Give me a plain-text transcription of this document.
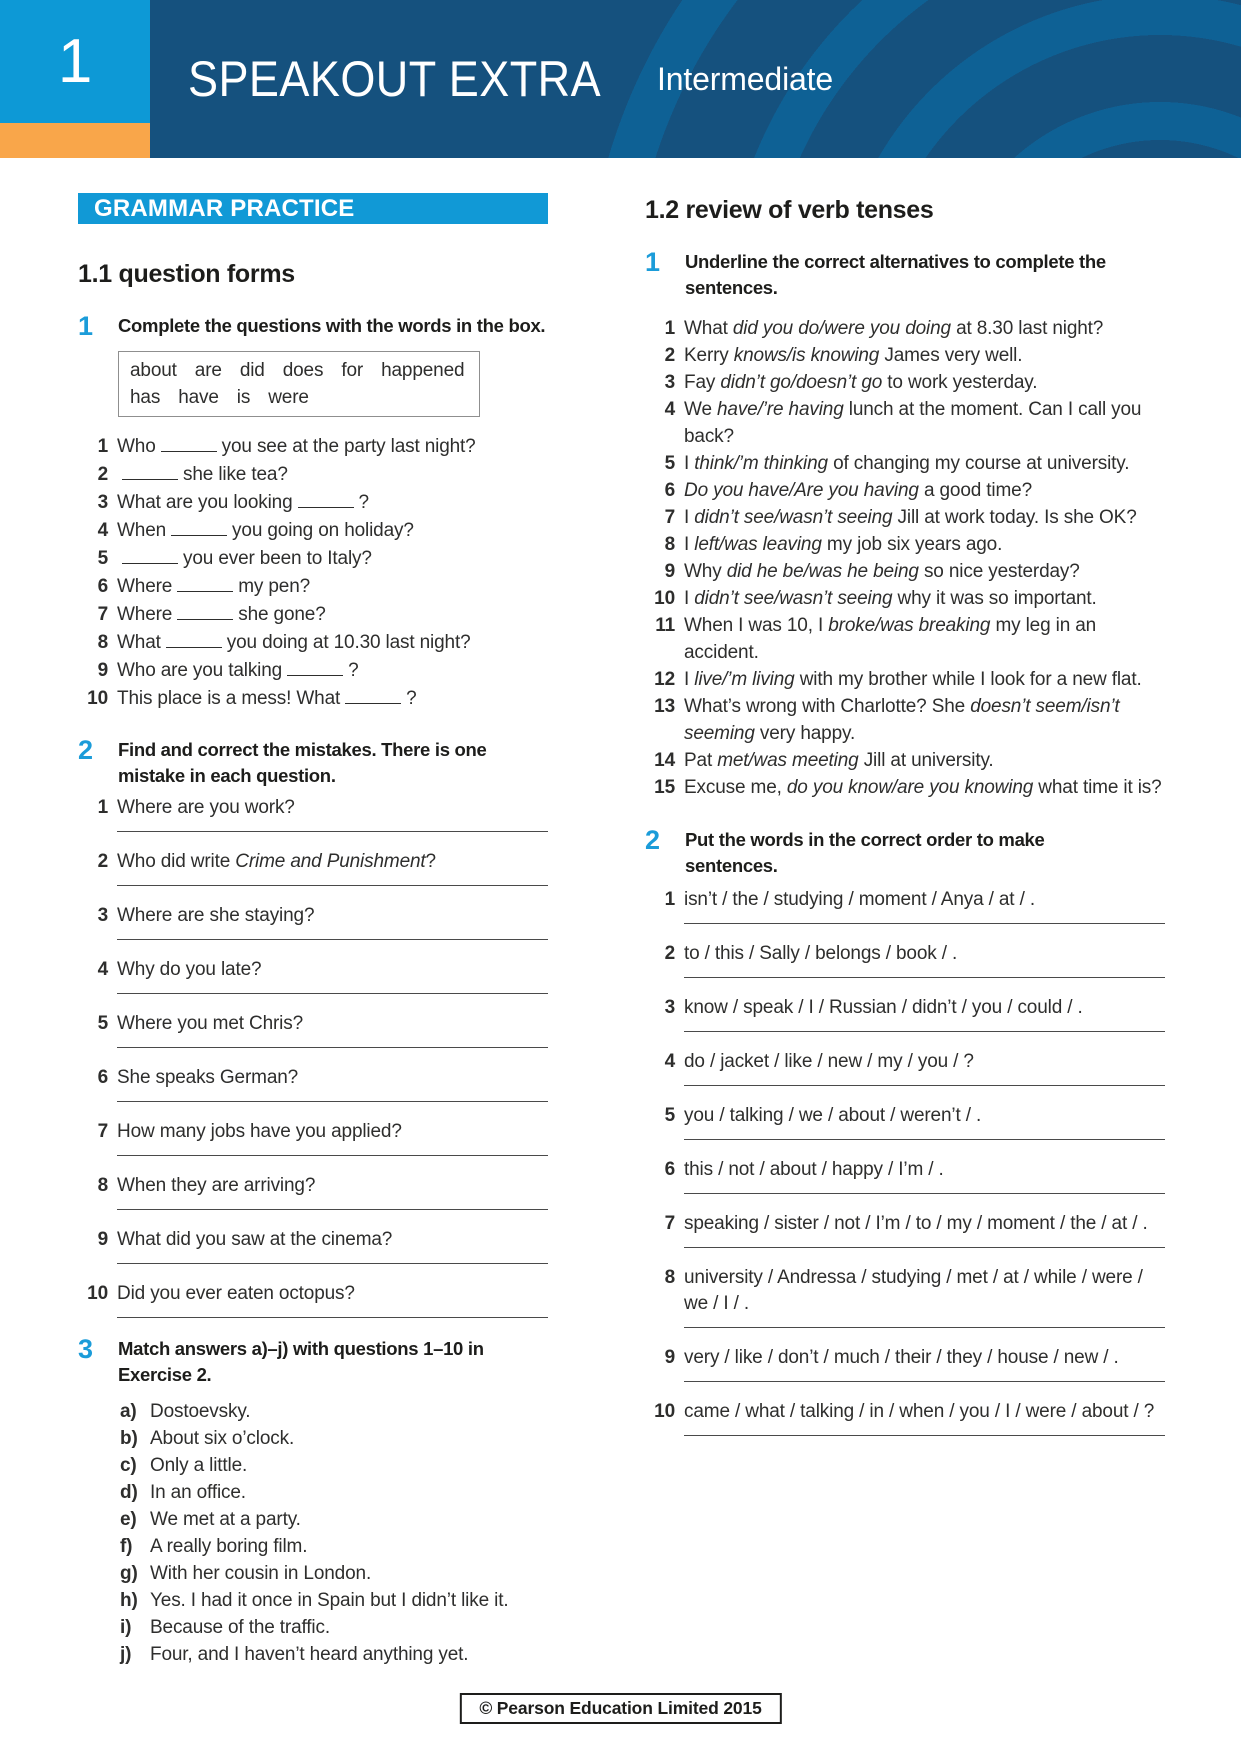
1 SPEAKOUT EXTRA Intermediate
GRAMMAR PRACTICE
1.1 question forms
1	Complete the questions with the words in the box.

about are did does for happened
has have is were
1 Who	you see at the party last night?
2	she like tea?
3 What are you looking	?
4 When	you going on holiday?
5	you ever been to Italy?
6 Where	my pen?
7 Where	she gone?
8 What	you doing at 10.30 last night?
9 Who are you talking	?
10 This place is a mess! What	?
2	Find and correct the mistakes. There is one mistake in each question.

1 Where are you work?
2 Who did write Crime and Punishment?
3 Where are she staying?
4 Why do you late?
5 Where you met Chris?
6 She speaks German?
7 How many jobs have you applied?
8 When they are arriving?
9 What did you saw at the cinema?
10 Did you ever eaten octopus?
3	Match answers a)–j) with questions 1–10 in Exercise 2.

a) Dostoevsky.
b) About six o’clock.
c) Only a little.
d) In an office.
e) We met at a party.
f) A really boring film.
g) With her cousin in London.
h) Yes. I had it once in Spain but I didn’t like it.
i) Because of the traffic.
j) Four, and I haven’t heard anything yet.
1.2 review of verb tenses
1	Underline the correct alternatives to complete the sentences.

1 What did you do/were you doing at 8.30 last night?
2 Kerry knows/is knowing James very well.
3 Fay didn’t go/doesn’t go to work yesterday.
4 We have/’re having lunch at the moment. Can I call you back?
5 I think/’m thinking of changing my course at university.
6 Do you have/Are you having a good time?
7 I didn’t see/wasn’t seeing Jill at work today. Is she OK?
8 I left/was leaving my job six years ago.
9 Why did he be/was he being so nice yesterday?
10 I didn’t see/wasn’t seeing why it was so important.
11 When I was 10, I broke/was breaking my leg in an accident.
12 I live/’m living with my brother while I look for a new flat.
13 What’s wrong with Charlotte? She doesn’t seem/isn’t seeming very happy.
14 Pat met/was meeting Jill at university.
15 Excuse me, do you know/are you knowing what time it is?
2	Put the words in the correct order to make sentences.

1 isn’t / the / studying / moment / Anya / at / .
2 to / this / Sally / belongs / book / .
3 know / speak / I / Russian / didn’t / you / could / .
4 do / jacket / like / new / my / you / ?
5 you / talking / we / about / weren’t / .
6 this / not / about / happy / I’m / .
7 speaking / sister / not / I’m / to / my / moment / the / at / .
8 university / Andressa / studying / met / at / while / were / we / I / .
9 very / like / don’t / much / their / they / house / new / .
10 came / what / talking / in / when / you / I / were / about / ?
© Pearson Education Limited 2015
